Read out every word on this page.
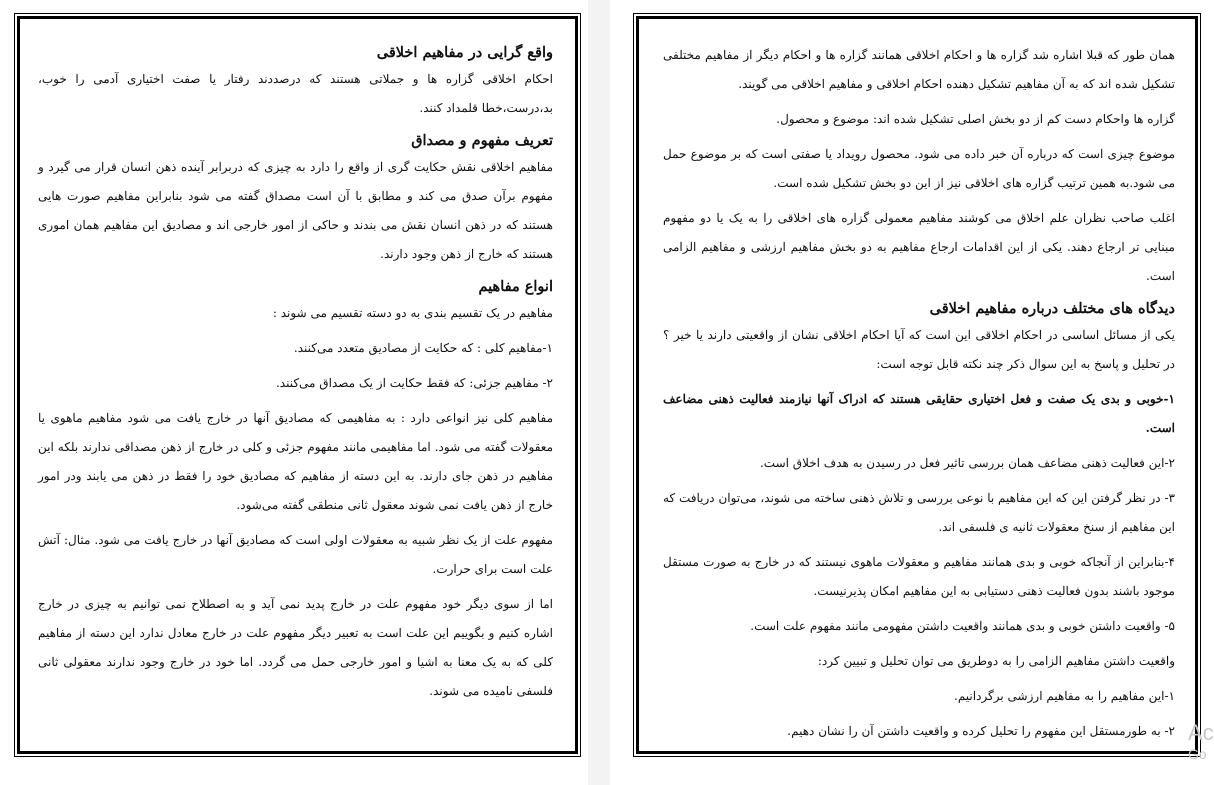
واقع گرایی در مفاهیم اخلاقی

احکام اخلاقی گزاره ها و جملاتی هستند که درصددند رفتار یا صفت اختیاری آدمی را خوب، بد،درست،خطا قلمداد کنند.

تعریف مفهوم و مصداق

مفاهیم اخلاقی نقش حکایت گری از واقع را دارد به چیزی که دربرابر آینده ذهن انسان قرار می گیرد و مفهوم برآن صدق می کند و مطابق با آن است مصداق گفته می شود بنابراین مفاهیم صورت هایی هستند که در ذهن انسان نقش می بندند و حاکی از امور خارجی اند و مصادیق این مفاهیم همان اموری هستند که خارج از ذهن وجود دارند.

انواع مفاهیم

مفاهیم در یک تقسیم بندی به دو دسته تقسیم می شوند :

۱-مفاهیم کلی : که حکایت از مصادیق متعدد می‌کنند.

۲- مفاهیم جزئی: که فقط حکایت از یک مصداق می‌کنند.

مفاهیم کلی نیز انواعی دارد : به مفاهیمی که مصادیق آنها در خارج یافت می شود مفاهیم ماهوی یا معقولات گفته می شود. اما مفاهیمی مانند مفهوم جزئی و کلی در خارج از ذهن مصداقی ندارند بلکه این مفاهیم در ذهن جای دارند. به این دسته از مفاهیم که مصادیق خود را فقط در ذهن می یابند ودر امور خارج از ذهن یافت نمی شوند معقول ثانی منطقی گفته می‌شود.

مفهوم علت از یک نظر شبیه به معقولات اولی است که مصادیق آنها در خارج یافت می شود. مثال: آتش علت است برای حرارت.

اما از سوی دیگر خود مفهوم علت در خارج پدید نمی آید و به اصطلاح نمی توانیم به چیزی در خارج اشاره کنیم و بگوییم این علت است به تعبیر دیگر مفهوم علت در خارج معادل ندارد این دسته از مفاهیم کلی که به یک معنا به اشیا و امور خارجی حمل می گردد. اما خود در خارج وجود ندارند معقولی ثانی فلسفی نامیده می شوند.

همان طور که قبلا اشاره شد گزاره ها و احکام اخلاقی همانند گزاره ها و احکام دیگر از مفاهیم مختلفی تشکیل شده اند که به آن مفاهیم تشکیل دهنده احکام اخلاقی و مفاهیم اخلاقی می گویند.

گزاره ها واحکام دست کم از دو بخش اصلی تشکیل شده اند: موضوع و محصول.

موضوع چیزی است که درباره آن خبر داده می شود. محصول رویداد یا صفتی است که بر موضوع حمل می شود.به همین ترتیب گزاره های اخلاقی نیز از این دو بخش تشکیل شده است.

اغلب صاحب نظران علم اخلاق می کوشند مفاهیم معمولی گزاره های اخلاقی را به یک یا دو مفهوم مبنایی تر ارجاع دهند. یکی از این اقدامات ارجاع مفاهیم به دو بخش مفاهیم ارزشی و مفاهیم الزامی است.

دیدگاه های مختلف درباره مفاهیم اخلاقی

یکی از مسائل اساسی در احکام اخلاقی این است که آیا احکام اخلاقی نشان از واقعیتی دارند یا خیر ؟ در تحلیل و پاسخ به این سوال ذکر چند نکته قابل توجه است:

۱-خوبی و بدی یک صفت و فعل اختیاری حقایقی هستند که ادراک آنها نیازمند فعالیت ذهنی مضاعف است.

۲-این فعالیت ذهنی مضاعف همان بررسی تاثیر فعل در رسیدن به هدف اخلاق است.

۳- در نظر گرفتن این که این مفاهیم با نوعی بررسی و تلاش ذهنی ساخته می شوند، می‌توان دریافت که این مفاهیم از سنخ معقولات ثانیه ی فلسفی اند.

۴-بنابراین از آنجاکه خوبی و بدی همانند مفاهیم و معقولات ماهوی نیستند که در خارج به صورت مستقل موجود باشند بدون فعالیت ذهنی دستیابی به این مفاهیم امکان پذیرنیست.

۵- واقعیت داشتن خوبی و بدی همانند واقعیت داشتن مفهومی مانند مفهوم علت است.

واقعیت داشتن مفاهیم الزامی را به دوطریق می توان تحلیل و تبیین کرد:

۱-این مفاهیم را به مفاهیم ارزشی برگردانیم.

۲- به طورمستقل این مفهوم را تحلیل کرده و واقعیت داشتن آن را نشان دهیم. Ac
Go
